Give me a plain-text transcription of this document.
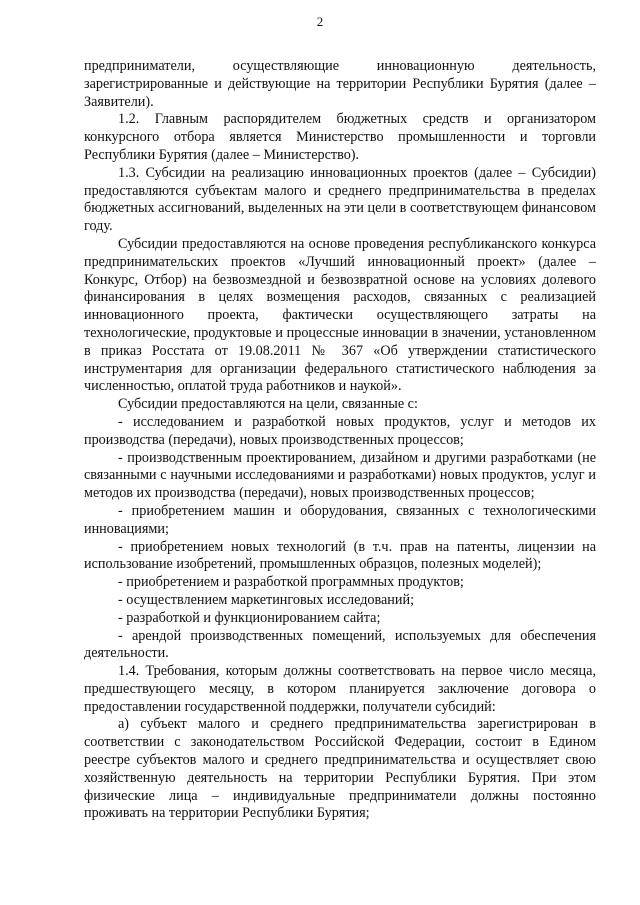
2

предприниматели, осуществляющие инновационную деятельность, зарегистрированные и действующие на территории Республики Бурятия (далее – Заявители).

1.2. Главным распорядителем бюджетных средств и организатором конкурсного отбора является Министерство промышленности и торговли Республики Бурятия (далее – Министерство).

1.3. Субсидии на реализацию инновационных проектов (далее – Субсидии) предоставляются субъектам малого и среднего предпринимательства в пределах бюджетных ассигнований, выделенных на эти цели в соответствующем финансовом году.

Субсидии предоставляются на основе проведения республиканского конкурса предпринимательских проектов «Лучший инновационный проект» (далее – Конкурс, Отбор) на безвозмездной и безвозвратной основе на условиях долевого финансирования в целях возмещения расходов, связанных с реализацией инновационного проекта, фактически осуществляющего затраты на технологические, продуктовые и процессные инновации в значении, установленном в приказ Росстата от 19.08.2011 № 367 «Об утверждении статистического инструментария для организации федерального статистического наблюдения за численностью, оплатой труда работников и наукой».

Субсидии предоставляются на цели, связанные с:

- исследованием и разработкой новых продуктов, услуг и методов их производства (передачи), новых производственных процессов;

- производственным проектированием, дизайном и другими разработками (не связанными с научными исследованиями и разработками) новых продуктов, услуг и методов их производства (передачи), новых производственных процессов;

- приобретением машин и оборудования, связанных с технологическими инновациями;

- приобретением новых технологий (в т.ч. прав на патенты, лицензии на использование изобретений, промышленных образцов, полезных моделей);

- приобретением и разработкой программных продуктов;

- осуществлением маркетинговых исследований;

- разработкой и функционированием сайта;

- арендой производственных помещений, используемых для обеспечения деятельности.

1.4. Требования, которым должны соответствовать на первое число месяца, предшествующего месяцу, в котором планируется заключение договора о предоставлении государственной поддержки, получатели субсидий:

а) субъект малого и среднего предпринимательства зарегистрирован в соответствии с законодательством Российской Федерации, состоит в Едином реестре субъектов малого и среднего предпринимательства и осуществляет свою хозяйственную деятельность на территории Республики Бурятия. При этом физические лица – индивидуальные предприниматели должны постоянно проживать на территории Республики Бурятия;
